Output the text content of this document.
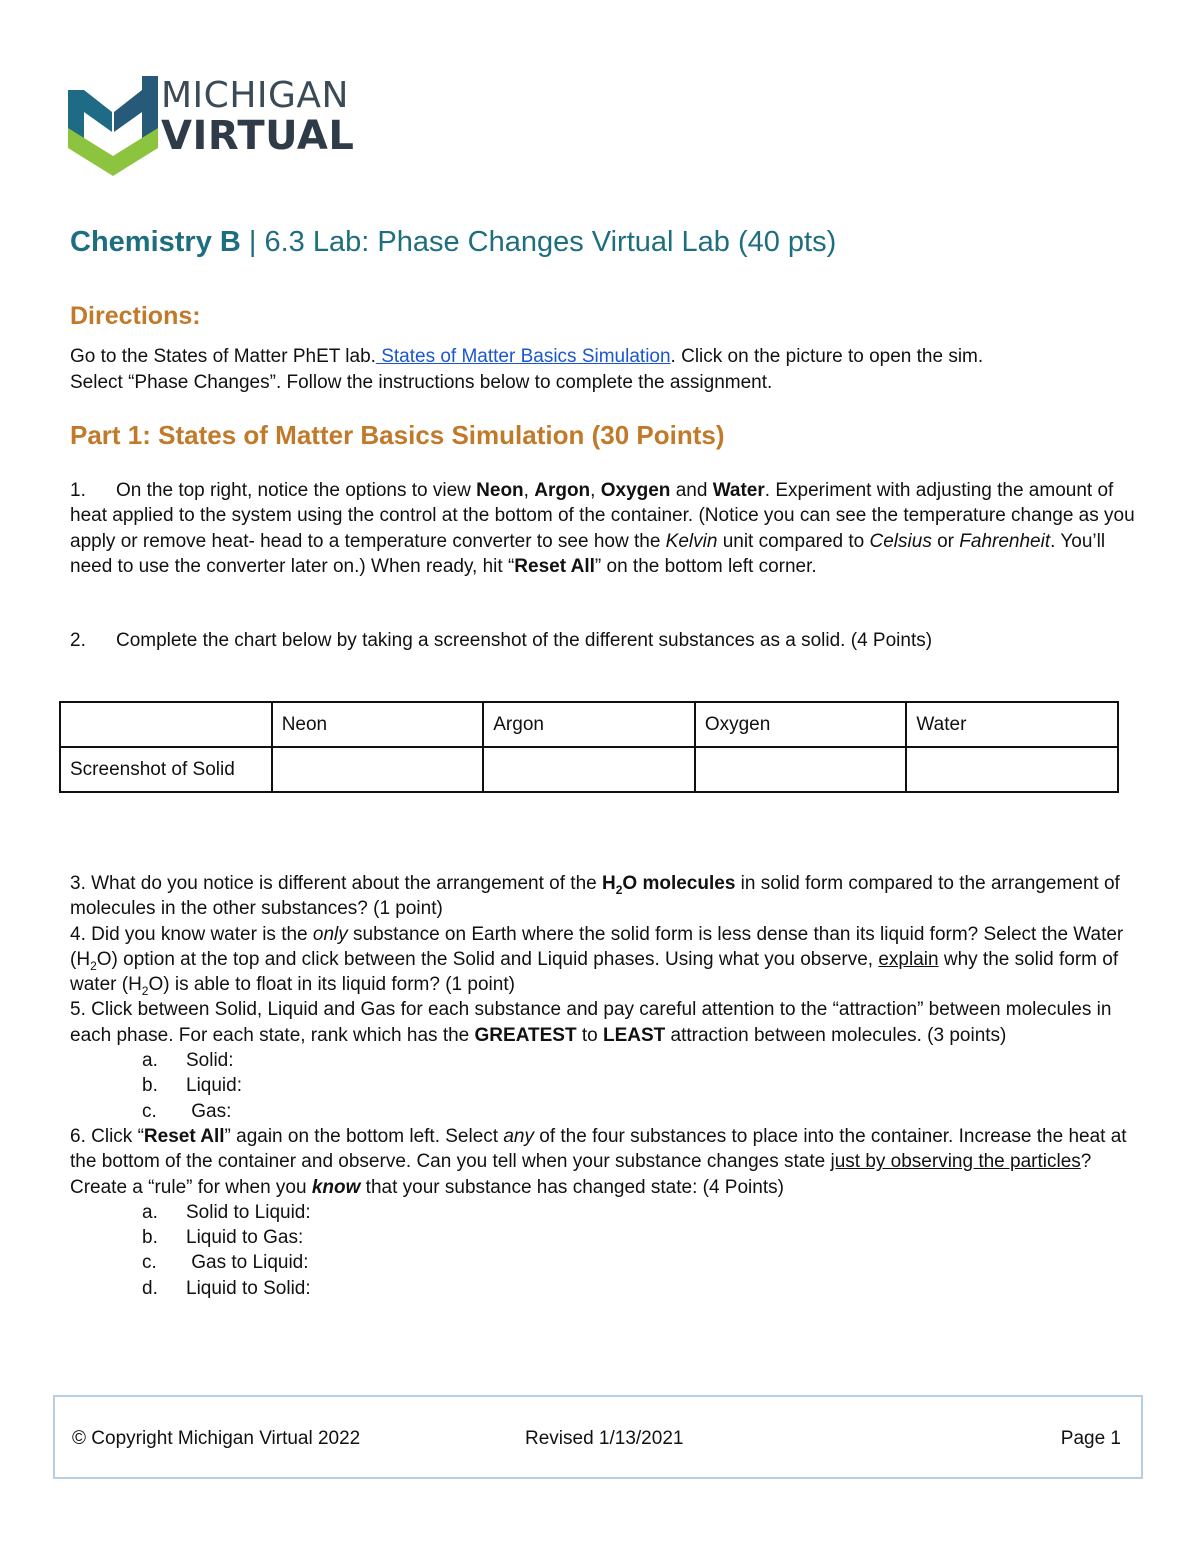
MICHIGAN
VIRTUAL
Chemistry B | 6.3 Lab: Phase Changes Virtual Lab (40 pts)
Directions:
Go to the States of Matter PhET lab. States of Matter Basics Simulation. Click on the picture to open the sim.
Select “Phase Changes”. Follow the instructions below to complete the assignment.
Part 1: States of Matter Basics Simulation (30 Points)
1. On the top right, notice the options to view Neon, Argon, Oxygen and Water. Experiment with adjusting the amount of heat applied to the system using the control at the bottom of the container. (Notice you can see the temperature change as you apply or remove heat- head to a temperature converter to see how the Kelvin unit compared to Celsius or Fahrenheit. You’ll need to use the converter later on.) When ready, hit “Reset All” on the bottom left corner.
2. Complete the chart below by taking a screenshot of the different substances as a solid. (4 Points)
	Neon	Argon	Oxygen	Water
Screenshot of Solid				

3. What do you notice is different about the arrangement of the $H_2O$ molecules in solid form compared to the arrangement of molecules in the other substances? (1 point)

4. Did you know water is the only substance on Earth where the solid form is less dense than its liquid form? Select the Water $(H_2O)$ option at the top and click between the Solid and Liquid phases. Using what you observe, explain why the solid form of water $(H_2O)$ is able to float in its liquid form? (1 point)

5. Click between Solid, Liquid and Gas for each substance and pay careful attention to the “attraction” between molecules in each phase. For each state, rank which has the GREATEST to LEAST attraction between molecules. (3 points)

a. Solid:

b. Liquid:

c. Gas:

6. Click “Reset All” again on the bottom left. Select any of the four substances to place into the container. Increase the heat at the bottom of the container and observe. Can you tell when your substance changes state just by observing the particles? Create a “rule” for when you know that your substance has changed state: (4 Points)

a. Solid to Liquid:

b. Liquid to Gas:

c. Gas to Liquid:

d. Liquid to Solid:

© Copyright Michigan Virtual 2022	Revised 1/13/2021	Page 1
